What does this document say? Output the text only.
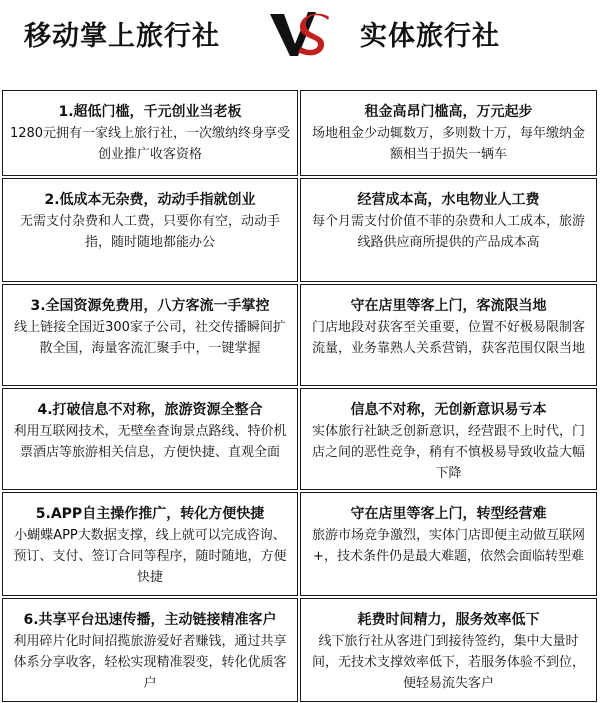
移动掌上旅行社	实体旅行社
1.超低门槛，千元创业当老板
1280元拥有一家线上旅行社，一次缴纳终身享受创业推广收客资格
租金高昂门槛高，万元起步
场地租金少动辄数万，多则数十万，每年缴纳金额相当于损失一辆车
2.低成本无杂费，动动手指就创业
无需支付杂费和人工费，只要你有空，动动手指，随时随地都能办公
经营成本高，水电物业人工费
每个月需支付价值不菲的杂费和人工成本，旅游线路供应商所提供的产品成本高
3.全国资源免费用，八方客流一手掌控
线上链接全国近300家子公司，社交传播瞬间扩散全国，海量客流汇聚手中，一键掌握
守在店里等客上门，客流限当地
门店地段对获客至关重要，位置不好极易限制客流量，业务靠熟人关系营销，获客范围仅限当地
4.打破信息不对称，旅游资源全整合
利用互联网技术，无壁垒查询景点路线、特价机票酒店等旅游相关信息，方便快捷、直观全面
信息不对称，无创新意识易亏本
实体旅行社缺乏创新意识，经营跟不上时代，门店之间的恶性竞争，稍有不慎极易导致收益大幅下降
5.APP自主操作推广，转化方便快捷
小蝴蝶APP大数据支撑，线上就可以完成咨询、预订、支付、签订合同等程序，随时随地，方便快捷
守在店里等客上门，转型经营难
旅游市场竞争激烈，实体门店即便主动做互联网+，技术条件仍是最大难题，依然会面临转型难
6.共享平台迅速传播，主动链接精准客户
利用碎片化时间招揽旅游爱好者赚钱，通过共享体系分享收客，轻松实现精准裂变，转化优质客户
耗费时间精力，服务效率低下
线下旅行社从客进门到接待签约，集中大量时间，无技术支撑效率低下，若服务体验不到位，便轻易流失客户
